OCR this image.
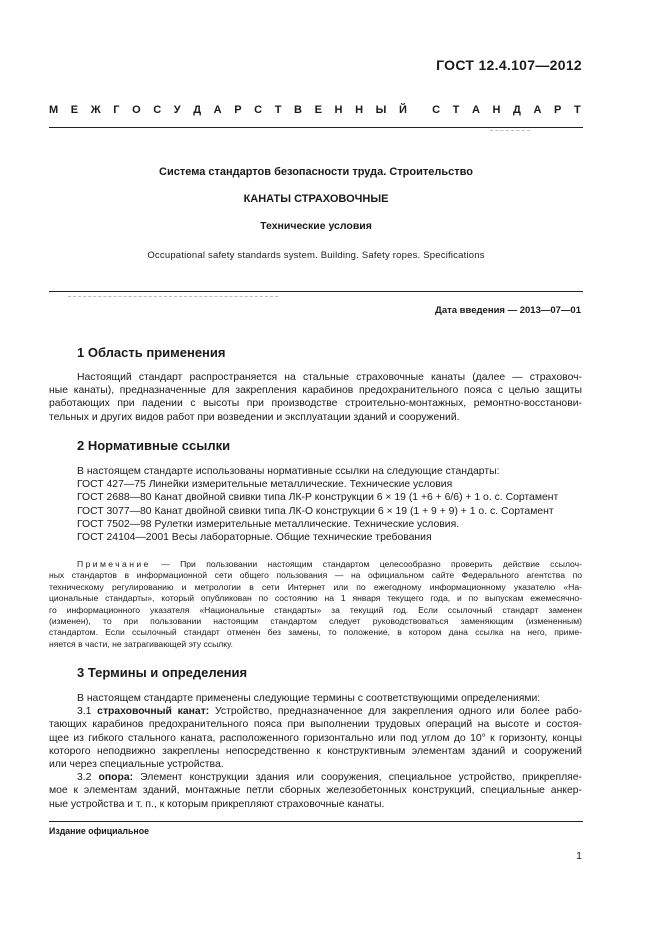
ГОСТ 12.4.107—2012
М Е Ж Г О С У Д А Р С Т В Е Н Н Ы Й С Т А Н Д А Р Т
Система стандартов безопасности труда. Строительство
КАНАТЫ СТРАХОВОЧНЫЕ
Технические условия
Occupational safety standards system. Building. Safety ropes. Specifications
Дата введения — 2013—07—01
1 Область применения
Настоящий стандарт распространяется на стальные страховочные канаты (далее — страховоч-
ные канаты), предназначенные для закрепления карабинов предохранительного пояса с целью защиты
работающих при падении с высоты при производстве строительно-монтажных, ремонтно-восстанови-
тельных и других видов работ при возведении и эксплуатации зданий и сооружений.
2 Нормативные ссылки
В настоящем стандарте использованы нормативные ссылки на следующие стандарты:
ГОСТ 427—75 Линейки измерительные металлические. Технические условия
ГОСТ 2688—80 Канат двойной свивки типа ЛК-Р конструкции 6 × 19 (1 +6 + 6/6) + 1 о. с. Сортамент
ГОСТ 3077—80 Канат двойной свивки типа ЛК-О конструкции 6 × 19 (1 + 9 + 9) + 1 о. с. Сортамент
ГОСТ 7502—98 Рулетки измерительные металлические. Технические условия.
ГОСТ 24104—2001 Весы лабораторные. Общие технические требования
Примечание — При пользовании настоящим стандартом целесообразно проверить действие ссылоч-
ных стандартов в информационной сети общего пользования — на официальном сайте Федерального агентства по
техническому регулированию и метрологии в сети Интернет или по ежегодному информационному указателю «На-
циональные стандарты», который опубликован по состоянию на 1 января текущего года, и по выпускам ежемесячно-
го информационного указателя «Национальные стандарты» за текущий год. Если ссылочный стандарт заменен
(изменен), то при пользовании настоящим стандартом следует руководствоваться заменяющим (измененным)
стандартом. Если ссылочный стандарт отменен без замены, то положение, в котором дана ссылка на него, приме-
няется в части, не затрагивающей эту ссылку.
3 Термины и определения
В настоящем стандарте применены следующие термины с соответствующими определениями:
3.1 страховочный канат: Устройство, предназначенное для закрепления одного или более рабо-
тающих карабинов предохранительного пояса при выполнении трудовых операций на высоте и состоя-
щее из гибкого стального каната, расположенного горизонтально или под углом до 10° к горизонту, концы
которого неподвижно закреплены непосредственно к конструктивным элементам зданий и сооружений
или через специальные устройства.
3.2 опора: Элемент конструкции здания или сооружения, специальное устройство, прикрепляе-
мое к элементам зданий, монтажные петли сборных железобетонных конструкций, специальные анкер-
ные устройства и т. п., к которым прикрепляют страховочные канаты.
Издание официальное
1
